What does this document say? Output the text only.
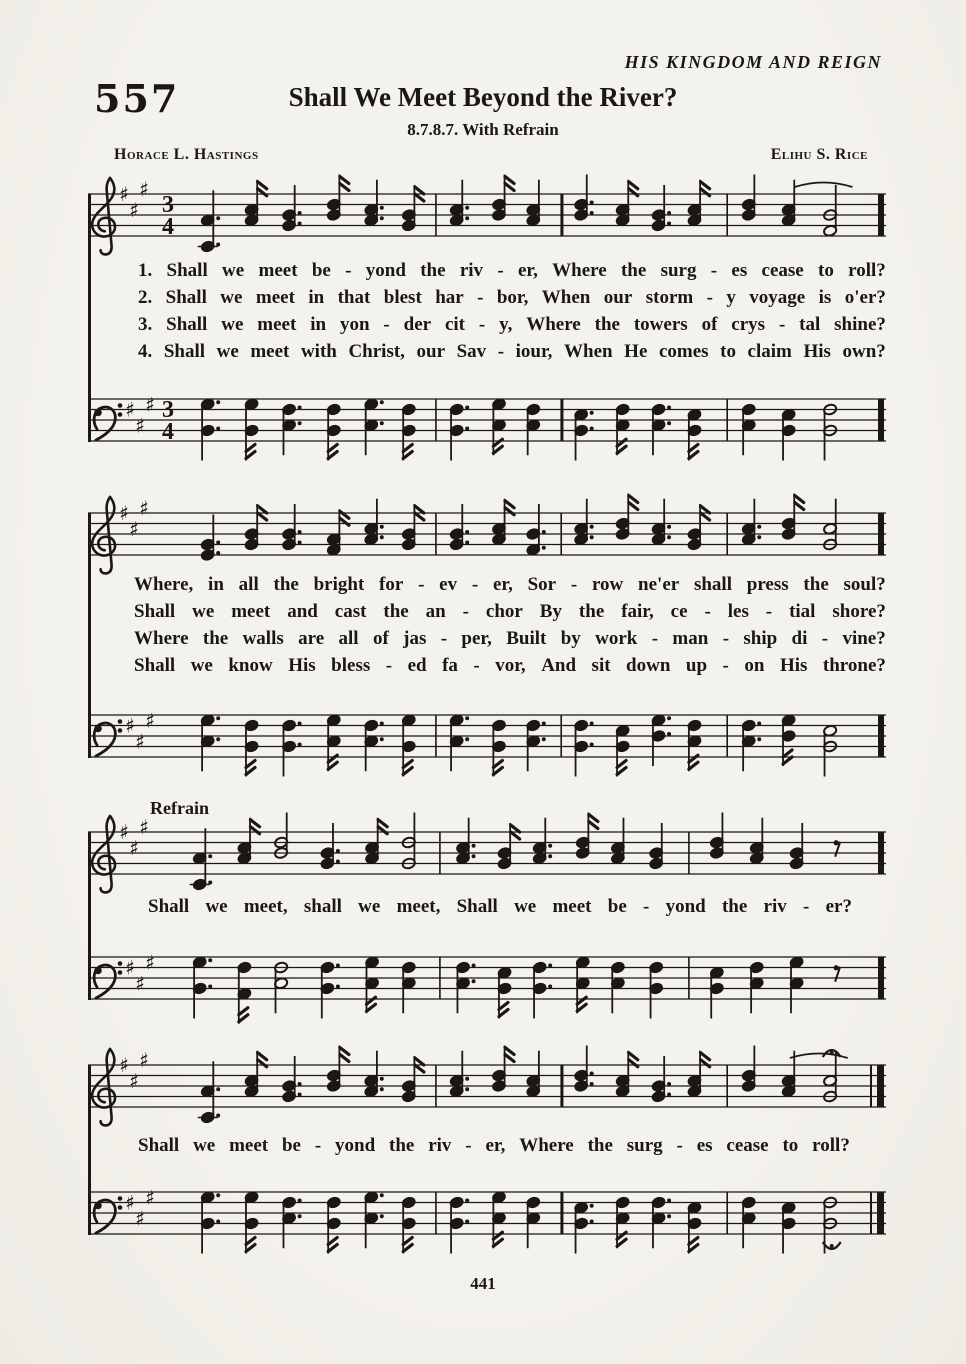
HIS KINGDOM AND REIGN
557	Shall We Meet Beyond the River?
8.7.8.7. With Refrain
Horace L. Hastings	Elihu S. Rice
♯
♯
♯
3
4
1. Shall we meet be - yond the riv - er, Where the surg - es cease to roll?
2. Shall we meet in that blest har - bor, When our storm - y voyage is o'er?
3. Shall we meet in yon - der cit - y, Where the towers of crys - tal shine?
4. Shall we meet with Christ, our Sav - iour, When He comes to claim His own?
♯
♯
♯ 3
4
♯
♯
♯
Where, in all the bright for - ev - er, Sor - row ne'er shall press the soul?
Shall we meet and cast the an - chor By the fair, ce - les - tial shore?
Where the walls are all of jas - per, Built by work - man - ship di - vine?
Shall we know His bless - ed fa - vor, And sit down up - on His throne?
♯
♯
♯
Refrain
♯
♯
♯
Shall we meet, shall we meet, Shall we meet be - yond the riv - er?
♯
♯
♯
♯
♯
♯
Shall we meet be - yond the riv - er, Where the surg - es cease to roll?
♯
♯
♯
441
